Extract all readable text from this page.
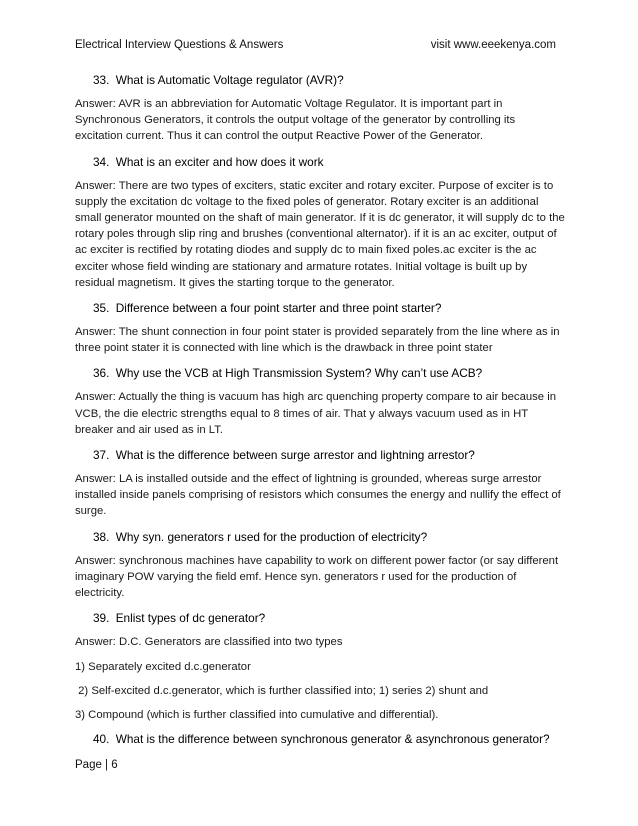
Electrical Interview Questions & Answers	visit www.eeekenya.com
33. What is Automatic Voltage regulator (AVR)?

Answer: AVR is an abbreviation for Automatic Voltage Regulator. It is important part in Synchronous Generators, it controls the output voltage of the generator by controlling its excitation current. Thus it can control the output Reactive Power of the Generator.

34. What is an exciter and how does it work

Answer: There are two types of exciters, static exciter and rotary exciter. Purpose of exciter is to supply the excitation dc voltage to the fixed poles of generator. Rotary exciter is an additional small generator mounted on the shaft of main generator. If it is dc generator, it will supply dc to the rotary poles through slip ring and brushes (conventional alternator). if it is an ac exciter, output of ac exciter is rectified by rotating diodes and supply dc to main fixed poles.ac exciter is the ac exciter whose field winding are stationary and armature rotates. Initial voltage is built up by residual magnetism. It gives the starting torque to the generator.

35. Difference between a four point starter and three point starter?

Answer: The shunt connection in four point stater is provided separately from the line where as in three point stater it is connected with line which is the drawback in three point stater

36. Why use the VCB at High Transmission System? Why can’t use ACB?

Answer: Actually the thing is vacuum has high arc quenching property compare to air because in VCB, the die electric strengths equal to 8 times of air. That y always vacuum used as in HT breaker and air used as in LT.

37. What is the difference between surge arrestor and lightning arrestor?

Answer: LA is installed outside and the effect of lightning is grounded, whereas surge arrestor installed inside panels comprising of resistors which consumes the energy and nullify the effect of surge.

38. Why syn. generators r used for the production of electricity?

Answer: synchronous machines have capability to work on different power factor (or say different imaginary POW varying the field emf. Hence syn. generators r used for the production of electricity.

39. Enlist types of dc generator?

Answer: D.C. Generators are classified into two types

1) Separately excited d.c.generator

2) Self-excited d.c.generator, which is further classified into; 1) series 2) shunt and

3) Compound (which is further classified into cumulative and differential).

40. What is the difference between synchronous generator & asynchronous generator?
Page | 6
